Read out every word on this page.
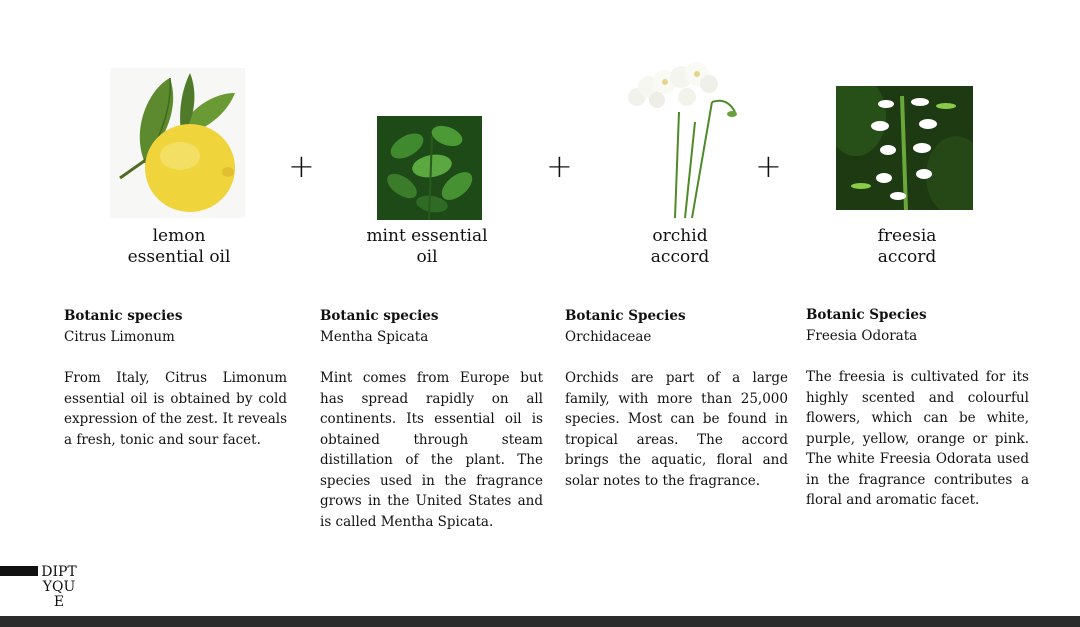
+	+	+
lemon
essential oil
mint essential
oil
orchid
accord
freesia
accord
Botanic species
Citrus Limonum
From Italy, Citrus Limonum essential oil is obtained by cold expression of the zest. It reveals a fresh, tonic and sour facet.
Botanic species
Mentha Spicata
Mint comes from Europe but has spread rapidly on all continents. Its essential oil is obtained through steam distillation of the plant. The species used in the fragrance grows in the United States and is called Mentha Spicata.
Botanic Species
Orchidaceae
Orchids are part of a large family, with more than 25,000 species. Most can be found in tropical areas. The accord brings the aquatic, floral and solar notes to the fragrance.
Botanic Species
Freesia Odorata
The freesia is cultivated for its highly scented and colourful flowers, which can be white, purple, yellow, orange or pink. The white Freesia Odorata used in the fragrance contributes a floral and aromatic facet.
DIPT
YQU
E
